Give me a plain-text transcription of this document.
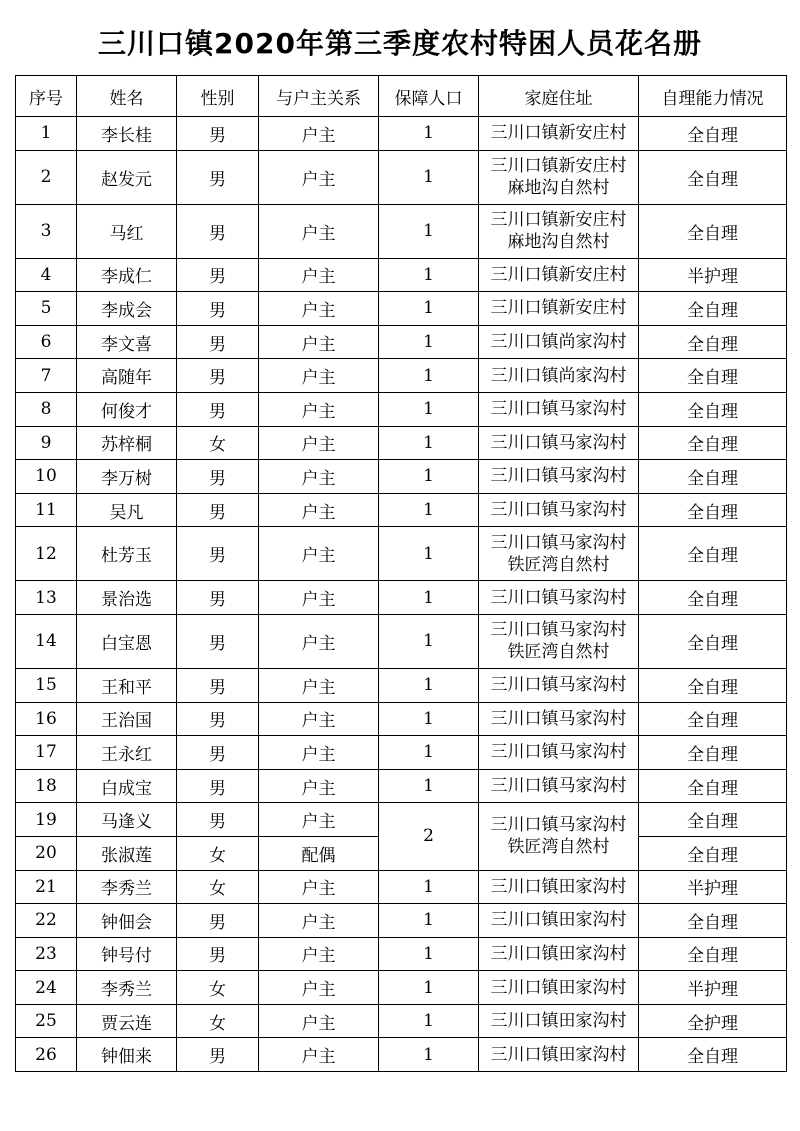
三川口镇2020年第三季度农村特困人员花名册
序号	姓名	性别	与户主关系	保障人口	家庭住址	自理能力情况
1	李长桂	男	户主	1	三川口镇新安庄村	全自理
2	赵发元	男	户主	1	三川口镇新安庄村
麻地沟自然村	全自理
3	马红	男	户主	1	三川口镇新安庄村
麻地沟自然村	全自理
4	李成仁	男	户主	1	三川口镇新安庄村	半护理
5	李成会	男	户主	1	三川口镇新安庄村	全自理
6	李文喜	男	户主	1	三川口镇尚家沟村	全自理
7	高随年	男	户主	1	三川口镇尚家沟村	全自理
8	何俊才	男	户主	1	三川口镇马家沟村	全自理
9	苏梓桐	女	户主	1	三川口镇马家沟村	全自理
10	李万树	男	户主	1	三川口镇马家沟村	全自理
11	吴凡	男	户主	1	三川口镇马家沟村	全自理
12	杜芳玉	男	户主	1	三川口镇马家沟村
铁匠湾自然村	全自理
13	景治选	男	户主	1	三川口镇马家沟村	全自理
14	白宝恩	男	户主	1	三川口镇马家沟村
铁匠湾自然村	全自理
15	王和平	男	户主	1	三川口镇马家沟村	全自理
16	王治国	男	户主	1	三川口镇马家沟村	全自理
17	王永红	男	户主	1	三川口镇马家沟村	全自理
18	白成宝	男	户主	1	三川口镇马家沟村	全自理
19	马逢义	男	户主	2	三川口镇马家沟村
铁匠湾自然村	全自理
20	张淑莲	女	配偶			全自理
21	李秀兰	女	户主	1	三川口镇田家沟村	半护理
22	钟佃会	男	户主	1	三川口镇田家沟村	全自理
23	钟号付	男	户主	1	三川口镇田家沟村	全自理
24	李秀兰	女	户主	1	三川口镇田家沟村	半护理
25	贾云连	女	户主	1	三川口镇田家沟村	全护理
26	钟佃来	男	户主	1	三川口镇田家沟村	全自理
